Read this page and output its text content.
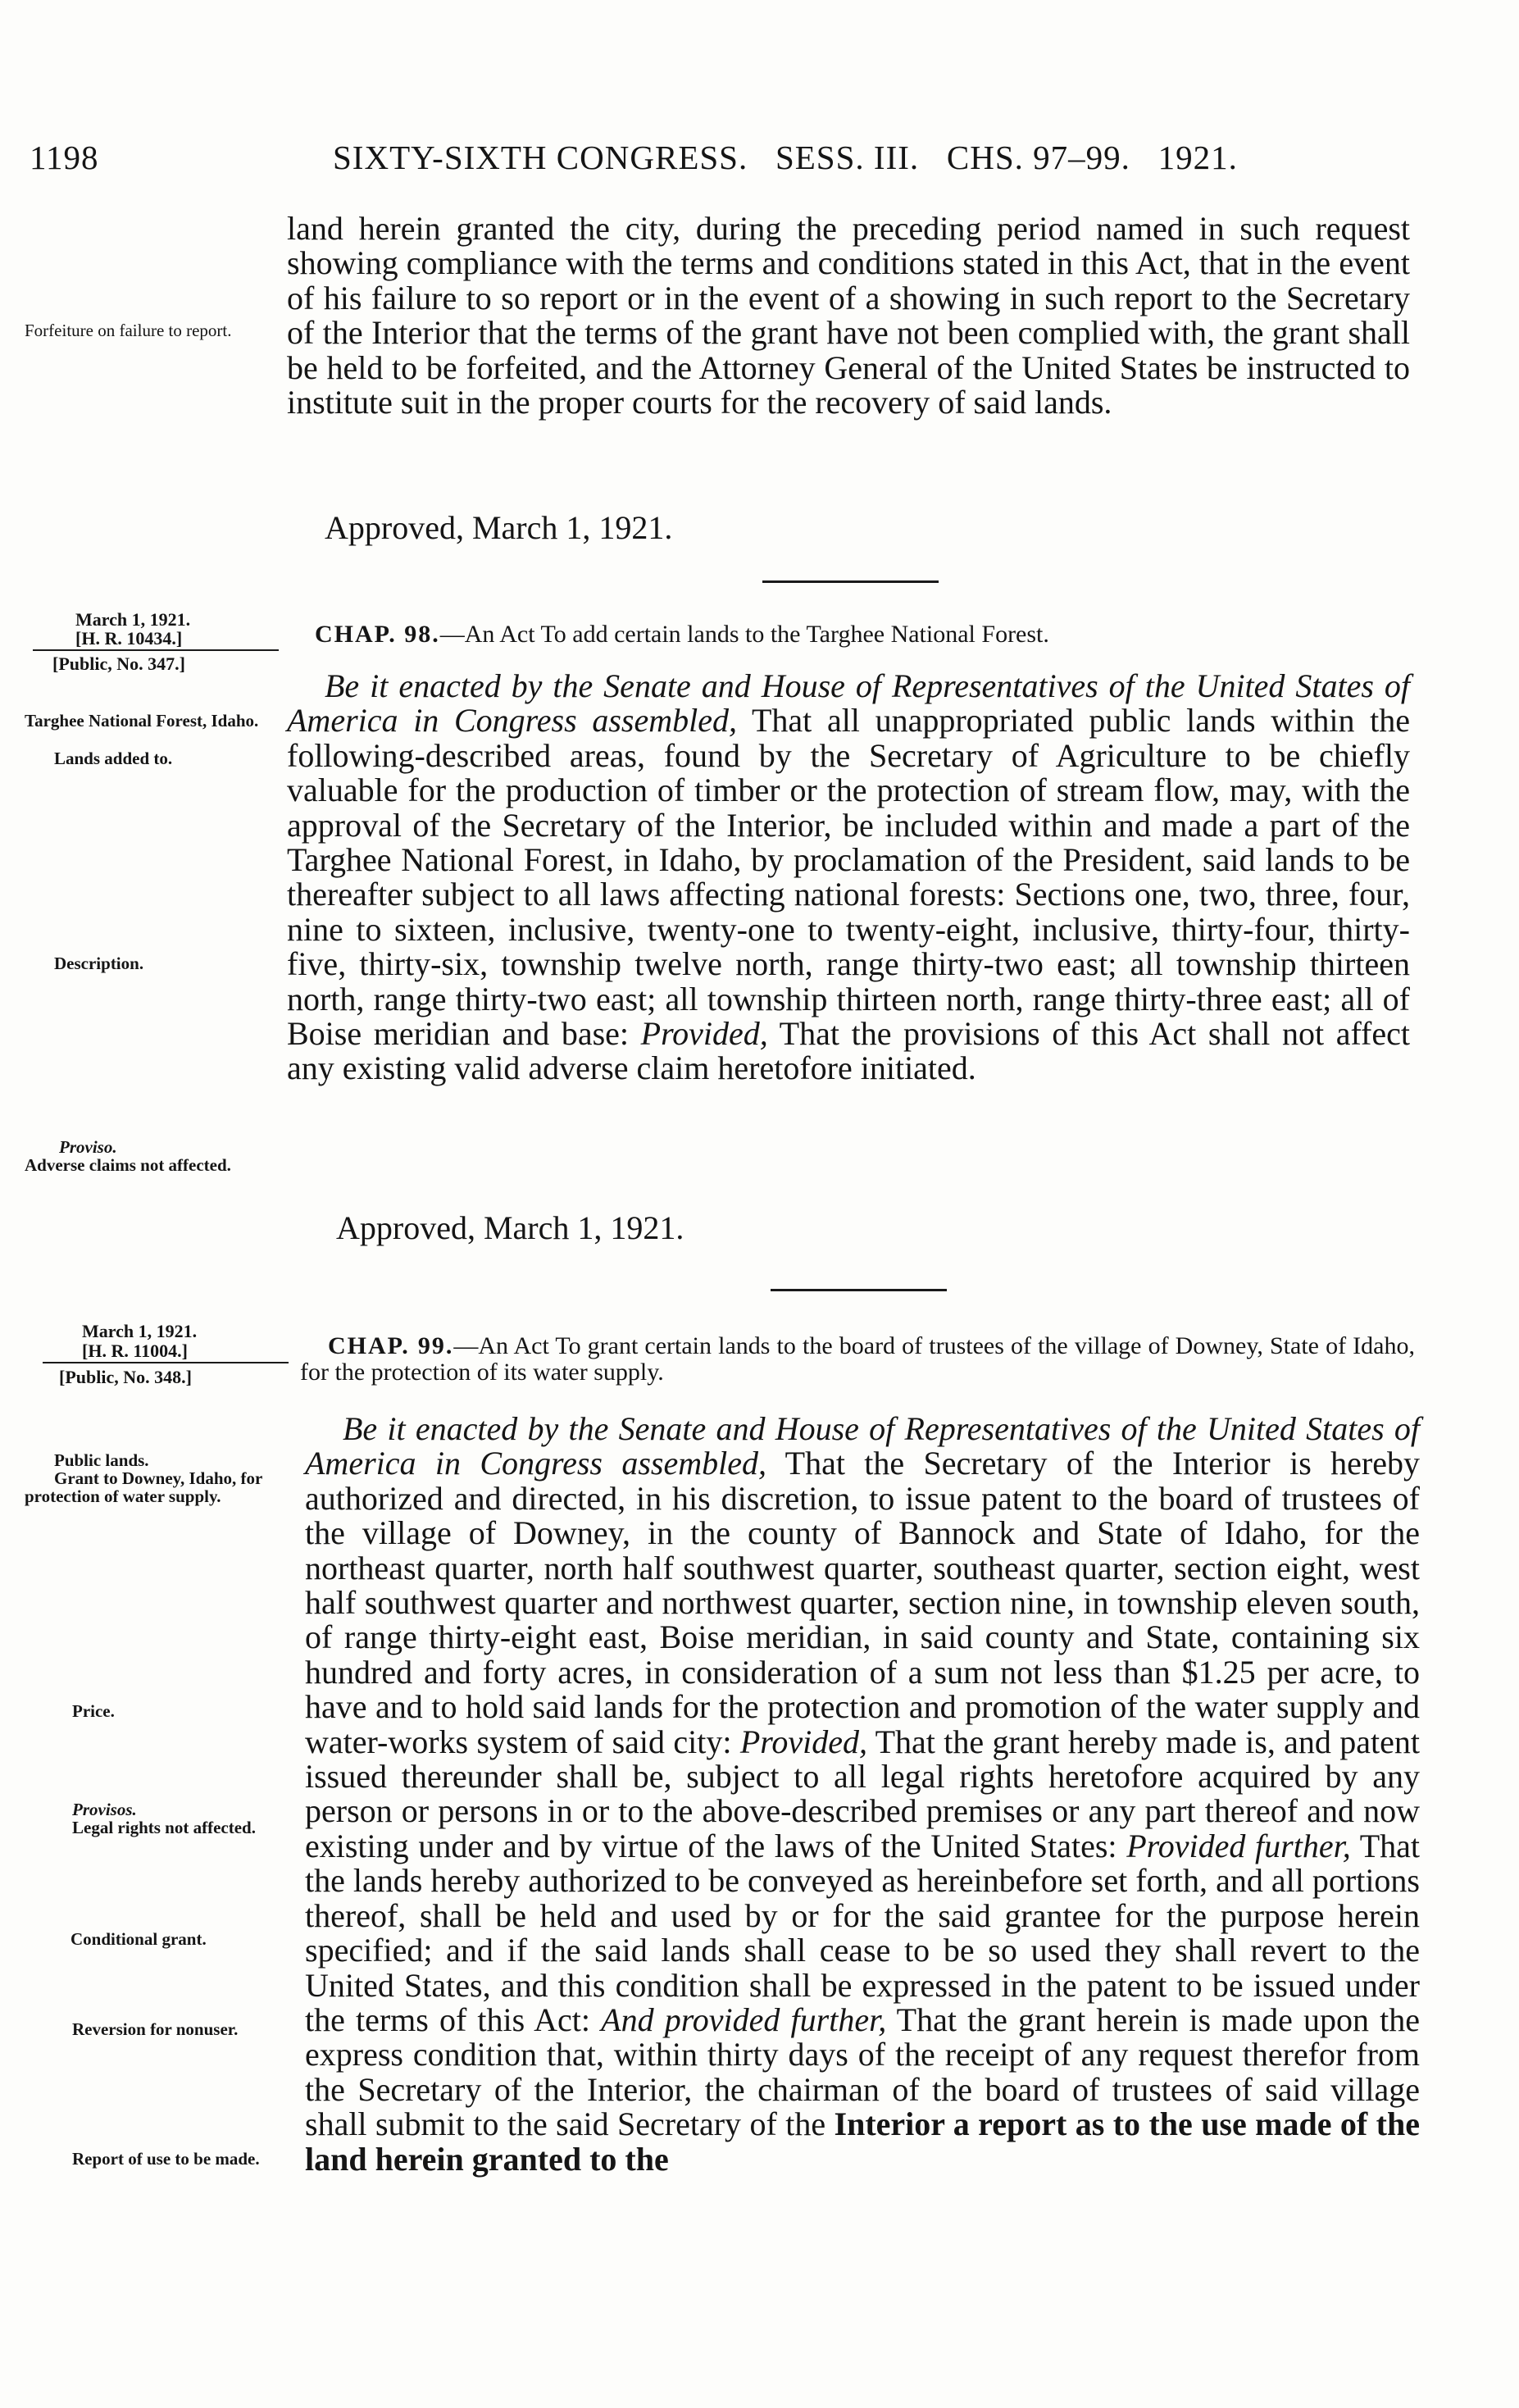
1198	SIXTY-SIXTH CONGRESS.   SESS. III.   CHS. 97–99.   1921.

land herein granted the city, during the preceding period named in such request showing compliance with the terms and conditions stated in this Act, that in the event of his failure to so report or in the event of a showing in such report to the Secretary of the Interior that the terms of the grant have not been complied with, the grant shall be held to be forfeited, and the Attorney General of the United States be instructed to institute suit in the proper courts for the recovery of said lands.

Approved, March 1, 1921.
Forfeiture on failure to report.
March 1, 1921.
[H. R. 10434.]
[Public, No. 347.]
CHAP. 98.—An Act To add certain lands to the Targhee National Forest.

Be it enacted by the Senate and House of Representatives of the United States of America in Congress assembled, That all unappropriated public lands within the following-described areas, found by the Secretary of Agriculture to be chiefly valuable for the production of timber or the protection of stream flow, may, with the approval of the Secretary of the Interior, be included within and made a part of the Targhee National Forest, in Idaho, by proclamation of the President, said lands to be thereafter subject to all laws affecting national forests: Sections one, two, three, four, nine to sixteen, inclusive, twenty-one to twenty-eight, inclusive, thirty-four, thirty-five, thirty-six, township twelve north, range thirty-two east; all township thirteen north, range thirty-two east; all township thirteen north, range thirty-three east; all of Boise meridian and base: Provided, That the provisions of this Act shall not affect any existing valid adverse claim heretofore initiated.

Approved, March 1, 1921.
Targhee National Forest, Idaho.
Lands added to.
Description.
Proviso.
Adverse claims not affected.
March 1, 1921.
[H. R. 11004.]
[Public, No. 348.]
CHAP. 99.—An Act To grant certain lands to the board of trustees of the village of Downey, State of Idaho, for the protection of its water supply.

Be it enacted by the Senate and House of Representatives of the United States of America in Congress assembled, That the Secretary of the Interior is hereby authorized and directed, in his discretion, to issue patent to the board of trustees of the village of Downey, in the county of Bannock and State of Idaho, for the northeast quarter, north half southwest quarter, southeast quarter, section eight, west half southwest quarter and northwest quarter, section nine, in township eleven south, of range thirty-eight east, Boise meridian, in said county and State, containing six hundred and forty acres, in consideration of a sum not less than $1.25 per acre, to have and to hold said lands for the protection and promotion of the water supply and water-works system of said city: Provided, That the grant hereby made is, and patent issued thereunder shall be, subject to all legal rights heretofore acquired by any person or persons in or to the above-described premises or any part thereof and now existing under and by virtue of the laws of the United States: Provided further, That the lands hereby authorized to be conveyed as hereinbefore set forth, and all portions thereof, shall be held and used by or for the said grantee for the purpose herein specified; and if the said lands shall cease to be so used they shall revert to the United States, and this condition shall be expressed in the patent to be issued under the terms of this Act: And provided further, That the grant herein is made upon the express condition that, within thirty days of the receipt of any request therefor from the Secretary of the Interior, the chairman of the board of trustees of said village shall submit to the said Secretary of the Interior a report as to the use made of the land herein granted to the

Public lands.
Grant to Downey, Idaho, for protection of water supply.
Price.
Provisos.
Legal rights not affected.
Conditional grant.
Reversion for nonuser.
Report of use to be made.
